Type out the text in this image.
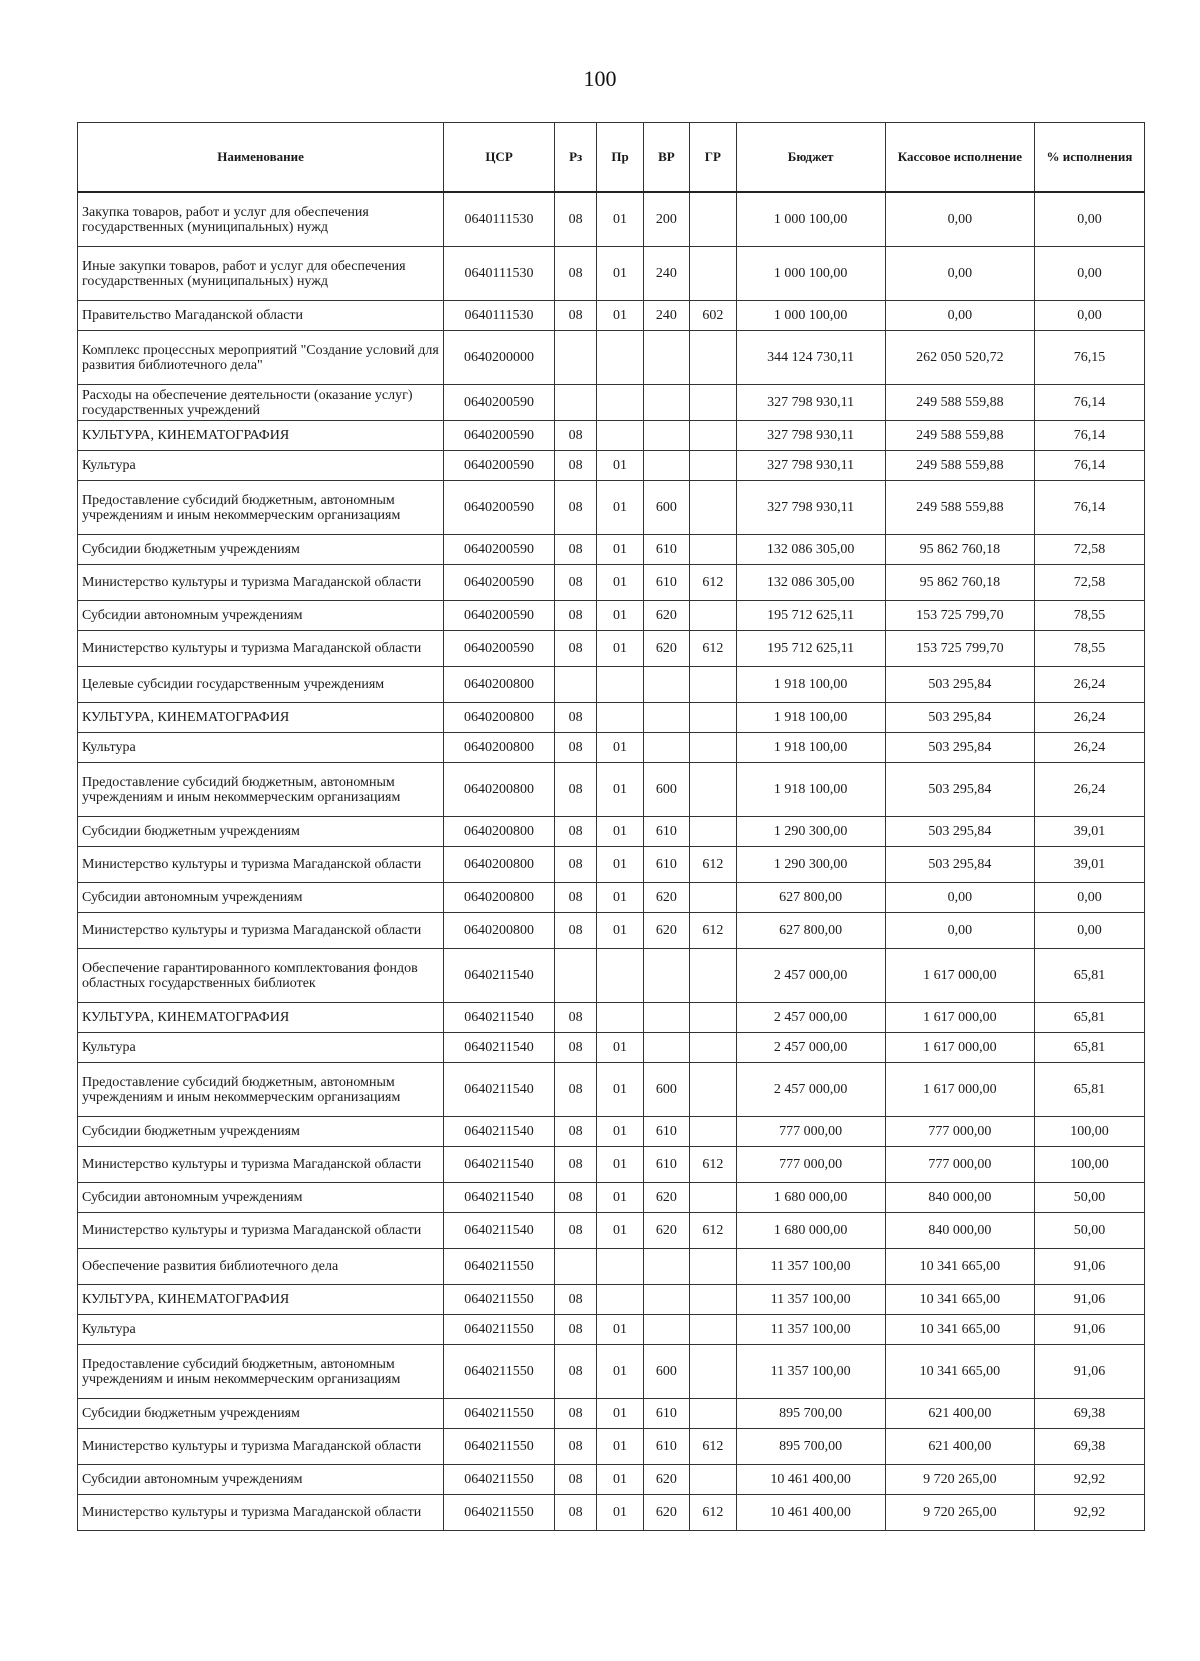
100
Наименование	ЦСР	Рз	Пр	ВР	ГР	Бюджет	Кассовое исполнение	% исполнения
Закупка товаров, работ и услуг для обеспечения государственных (муниципальных) нужд	0640111530	08	01	200		1 000 100,00	0,00	0,00
Иные закупки товаров, работ и услуг для обеспечения государственных (муниципальных) нужд	0640111530	08	01	240		1 000 100,00	0,00	0,00
Правительство Магаданской области	0640111530	08	01	240	602	1 000 100,00	0,00	0,00
Комплекс процессных мероприятий "Создание условий для развития библиотечного дела"	0640200000					344 124 730,11	262 050 520,72	76,15
Расходы на обеспечение деятельности (оказание услуг) государственных учреждений	0640200590					327 798 930,11	249 588 559,88	76,14
КУЛЬТУРА, КИНЕМАТОГРАФИЯ	0640200590	08				327 798 930,11	249 588 559,88	76,14
Культура	0640200590	08	01			327 798 930,11	249 588 559,88	76,14
Предоставление субсидий бюджетным, автономным учреждениям и иным некоммерческим организациям	0640200590	08	01	600		327 798 930,11	249 588 559,88	76,14
Субсидии бюджетным учреждениям	0640200590	08	01	610		132 086 305,00	95 862 760,18	72,58
Министерство культуры и туризма Магаданской области	0640200590	08	01	610	612	132 086 305,00	95 862 760,18	72,58
Субсидии автономным учреждениям	0640200590	08	01	620		195 712 625,11	153 725 799,70	78,55
Министерство культуры и туризма Магаданской области	0640200590	08	01	620	612	195 712 625,11	153 725 799,70	78,55
Целевые субсидии государственным учреждениям	0640200800					1 918 100,00	503 295,84	26,24
КУЛЬТУРА, КИНЕМАТОГРАФИЯ	0640200800	08				1 918 100,00	503 295,84	26,24
Культура	0640200800	08	01			1 918 100,00	503 295,84	26,24
Предоставление субсидий бюджетным, автономным учреждениям и иным некоммерческим организациям	0640200800	08	01	600		1 918 100,00	503 295,84	26,24
Субсидии бюджетным учреждениям	0640200800	08	01	610		1 290 300,00	503 295,84	39,01
Министерство культуры и туризма Магаданской области	0640200800	08	01	610	612	1 290 300,00	503 295,84	39,01
Субсидии автономным учреждениям	0640200800	08	01	620		627 800,00	0,00	0,00
Министерство культуры и туризма Магаданской области	0640200800	08	01	620	612	627 800,00	0,00	0,00
Обеспечение гарантированного комплектования фондов областных государственных библиотек	0640211540					2 457 000,00	1 617 000,00	65,81
КУЛЬТУРА, КИНЕМАТОГРАФИЯ	0640211540	08				2 457 000,00	1 617 000,00	65,81
Культура	0640211540	08	01			2 457 000,00	1 617 000,00	65,81
Предоставление субсидий бюджетным, автономным учреждениям и иным некоммерческим организациям	0640211540	08	01	600		2 457 000,00	1 617 000,00	65,81
Субсидии бюджетным учреждениям	0640211540	08	01	610		777 000,00	777 000,00	100,00
Министерство культуры и туризма Магаданской области	0640211540	08	01	610	612	777 000,00	777 000,00	100,00
Субсидии автономным учреждениям	0640211540	08	01	620		1 680 000,00	840 000,00	50,00
Министерство культуры и туризма Магаданской области	0640211540	08	01	620	612	1 680 000,00	840 000,00	50,00
Обеспечение развития библиотечного дела	0640211550					11 357 100,00	10 341 665,00	91,06
КУЛЬТУРА, КИНЕМАТОГРАФИЯ	0640211550	08				11 357 100,00	10 341 665,00	91,06
Культура	0640211550	08	01			11 357 100,00	10 341 665,00	91,06
Предоставление субсидий бюджетным, автономным учреждениям и иным некоммерческим организациям	0640211550	08	01	600		11 357 100,00	10 341 665,00	91,06
Субсидии бюджетным учреждениям	0640211550	08	01	610		895 700,00	621 400,00	69,38
Министерство культуры и туризма Магаданской области	0640211550	08	01	610	612	895 700,00	621 400,00	69,38
Субсидии автономным учреждениям	0640211550	08	01	620		10 461 400,00	9 720 265,00	92,92
Министерство культуры и туризма Магаданской области	0640211550	08	01	620	612	10 461 400,00	9 720 265,00	92,92
